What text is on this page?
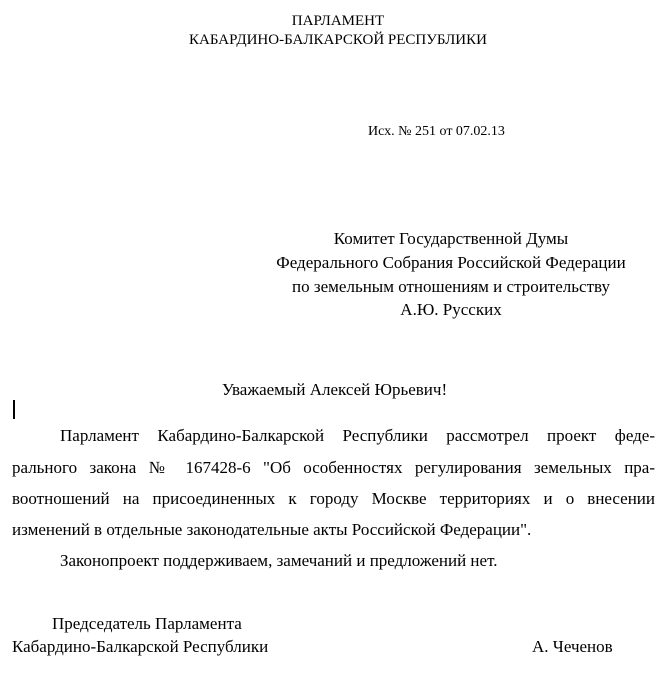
ПАРЛАМЕНТ
КАБАРДИНО-БАЛКАРСКОЙ РЕСПУБЛИКИ
Исх. № 251 от 07.02.13
Комитет Государственной Думы
Федерального Собрания Российской Федерации
по земельным отношениям и строительству
А.Ю. Русских
Уважаемый Алексей Юрьевич!
Парламент Кабардино-Балкарской Республики рассмотрел проект феде-
рального закона № 167428-6 "Об особенностях регулирования земельных пра-
воотношений на присоединенных к городу Москве территориях и о внесении
изменений в отдельные законодательные акты Российской Федерации".
Законопроект поддерживаем, замечаний и предложений нет.
Председатель Парламента
Кабардино-Балкарской Республики	А. Чеченов
